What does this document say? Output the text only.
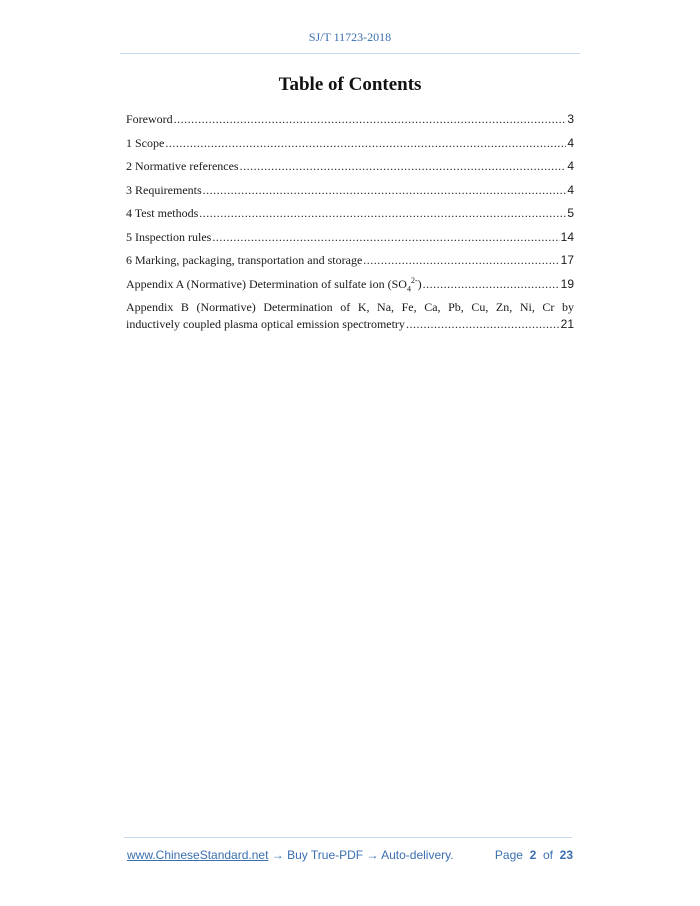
SJ/T 11723-2018
Table of Contents
Foreword .....	3
1 Scope .....	4
2 Normative references .....	4
3 Requirements .....	4
4 Test methods .....	5
5 Inspection rules .....	14
6 Marking, packaging, transportation and storage .....	17
Appendix A (Normative) Determination of sulfate ion $(SO_4^{2-})$ .....	19
Appendix B (Normative) Determination of K, Na, Fe, Ca, Pb, Cu, Zn, Ni, Cr by
inductively coupled plasma optical emission spectrometry .....	21
www.ChineseStandard.net → Buy True-PDF → Auto-delivery.	Page 2 of 23
